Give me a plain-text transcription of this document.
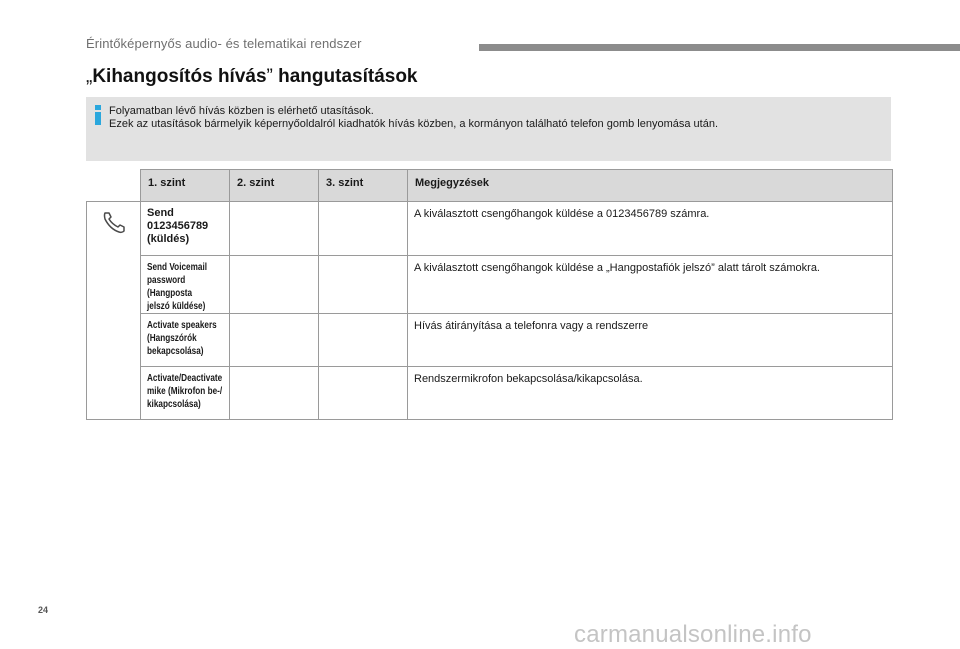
Érintőképernyős audio- és telematikai rendszer
„Kihangosítós hívás” hangutasítások
Folyamatban lévő hívás közben is elérhető utasítások.
Ezek az utasítások bármelyik képernyőoldalról kiadhatók hívás közben, a kormányon található telefon gomb lenyomása után.
	1. szint	2. szint	3. szint	Megjegyzések

Send
0123456789
(küldés)			A kiválasztott csengőhangok küldése a 0123456789 számra.

	Send Voicemail
password (Hangposta
jelszó küldése)			A kiválasztott csengőhangok küldése a „Hangpostafiók jelszó” alatt tárolt számokra.

	Activate speakers
(Hangszórók
bekapcsolása)			Hívás átirányítása a telefonra vagy a rendszerre

	Activate/Deactivate
mike (Mikrofon be-/
kikapcsolása)			Rendszermikrofon bekapcsolása/kikapcsolása.
24
carmanualsonline.info
